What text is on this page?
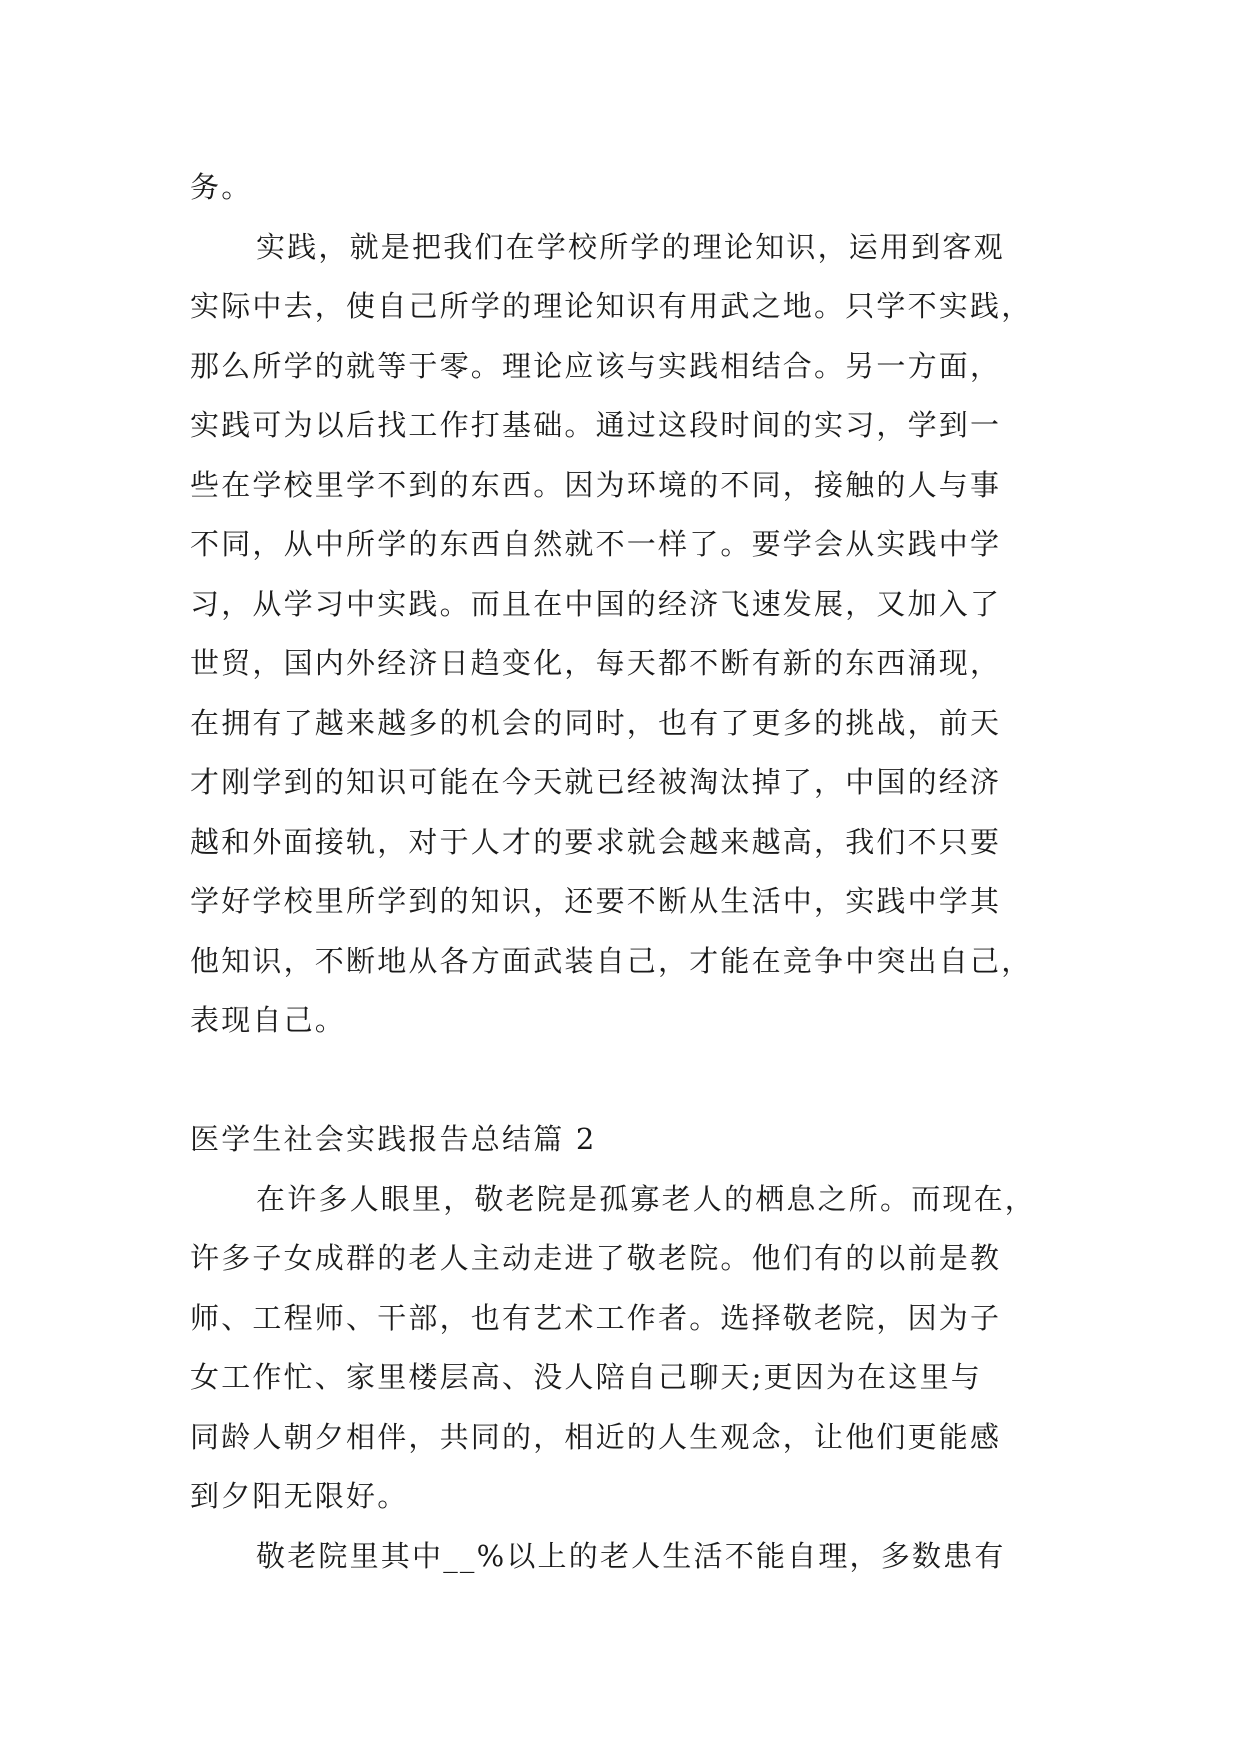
务。
实践，就是把我们在学校所学的理论知识，运用到客观
实际中去，使自己所学的理论知识有用武之地。只学不实践，
那么所学的就等于零。理论应该与实践相结合。另一方面，
实践可为以后找工作打基础。通过这段时间的实习，学到一
些在学校里学不到的东西。因为环境的不同，接触的人与事
不同，从中所学的东西自然就不一样了。要学会从实践中学
习，从学习中实践。而且在中国的经济飞速发展，又加入了
世贸，国内外经济日趋变化，每天都不断有新的东西涌现，
在拥有了越来越多的机会的同时，也有了更多的挑战，前天
才刚学到的知识可能在今天就已经被淘汰掉了，中国的经济
越和外面接轨，对于人才的要求就会越来越高，我们不只要
学好学校里所学到的知识，还要不断从生活中，实践中学其
他知识，不断地从各方面武装自己，才能在竞争中突出自己，
表现自己。
医学生社会实践报告总结篇 2
在许多人眼里，敬老院是孤寡老人的栖息之所。而现在，
许多子女成群的老人主动走进了敬老院。他们有的以前是教
师、工程师、干部，也有艺术工作者。选择敬老院，因为子
女工作忙、家里楼层高、没人陪自己聊天;更因为在这里与
同龄人朝夕相伴，共同的，相近的人生观念，让他们更能感
到夕阳无限好。
敬老院里其中__%以上的老人生活不能自理，多数患有
